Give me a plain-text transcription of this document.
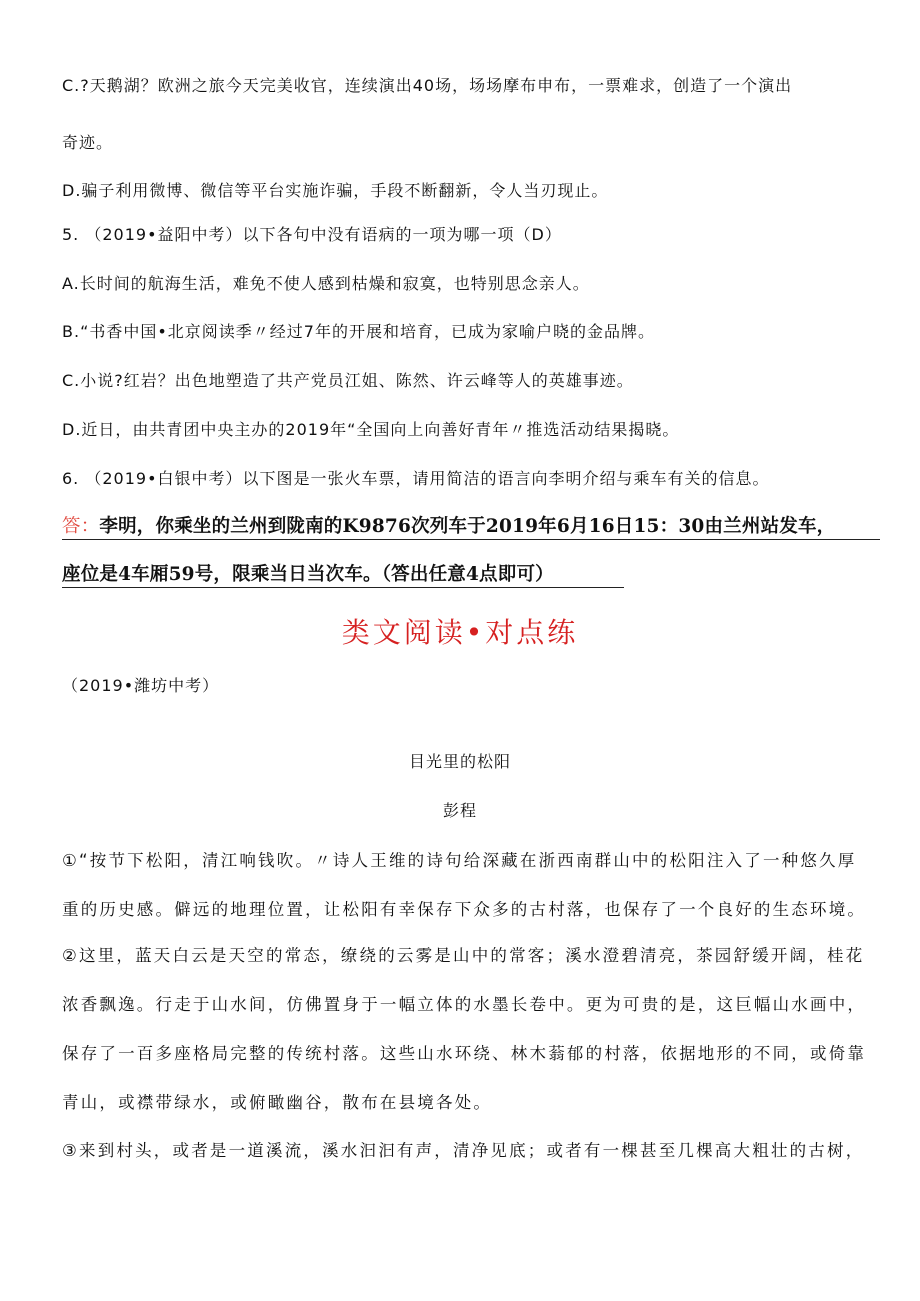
C.?天鹅湖？欧洲之旅今天完美收官，连续演出40场，场场摩布申布，一票难求，创造了一个演出
奇迹。
D.骗子利用微博、微信等平台实施诈骗，手段不断翻新，令人当刃现止。
5. （2019•益阳中考）以下各句中没有语病的一项为哪一项（D）
A.长时间的航海生活，难免不使人感到枯燥和寂寞，也特别思念亲人。
B.“书香中国•北京阅读季〃经过7年的开展和培育，已成为家喻户晓的金品牌。
C.小说?红岩？出色地塑造了共产党员江姐、陈然、许云峰等人的英雄事迹。
D.近日，由共青团中央主办的2019年“全国向上向善好青年〃推选活动结果揭晓。
6. （2019•白银中考）以下图是一张火车票，请用简洁的语言向李明介绍与乘车有关的信息。
答：李明，你乘坐的兰州到陇南的K9876次列车于2019年6月16日15：30由兰州站发车，
座位是4车厢59号，限乘当日当次车。（答出任意4点即可）
类文阅读•对点练
（2019•潍坊中考）
目光里的松阳
彭程
①“按节下松阳，清江响钱吹。〃诗人王维的诗句给深藏在浙西南群山中的松阳注入了一种悠久厚
重的历史感。僻远的地理位置，让松阳有幸保存下众多的古村落，也保存了一个良好的生态环境。
②这里，蓝天白云是天空的常态，缭绕的云雾是山中的常客；溪水澄碧清亮，茶园舒缓开阔，桂花
浓香飘逸。行走于山水间，仿佛置身于一幅立体的水墨长卷中。更为可贵的是，这巨幅山水画中，
保存了一百多座格局完整的传统村落。这些山水环绕、林木蓊郁的村落，依据地形的不同，或倚靠
青山，或襟带绿水，或俯瞰幽谷，散布在县境各处。
③来到村头，或者是一道溪流，溪水汩汩有声，清净见底；或者有一棵甚至几棵高大粗壮的古树，
